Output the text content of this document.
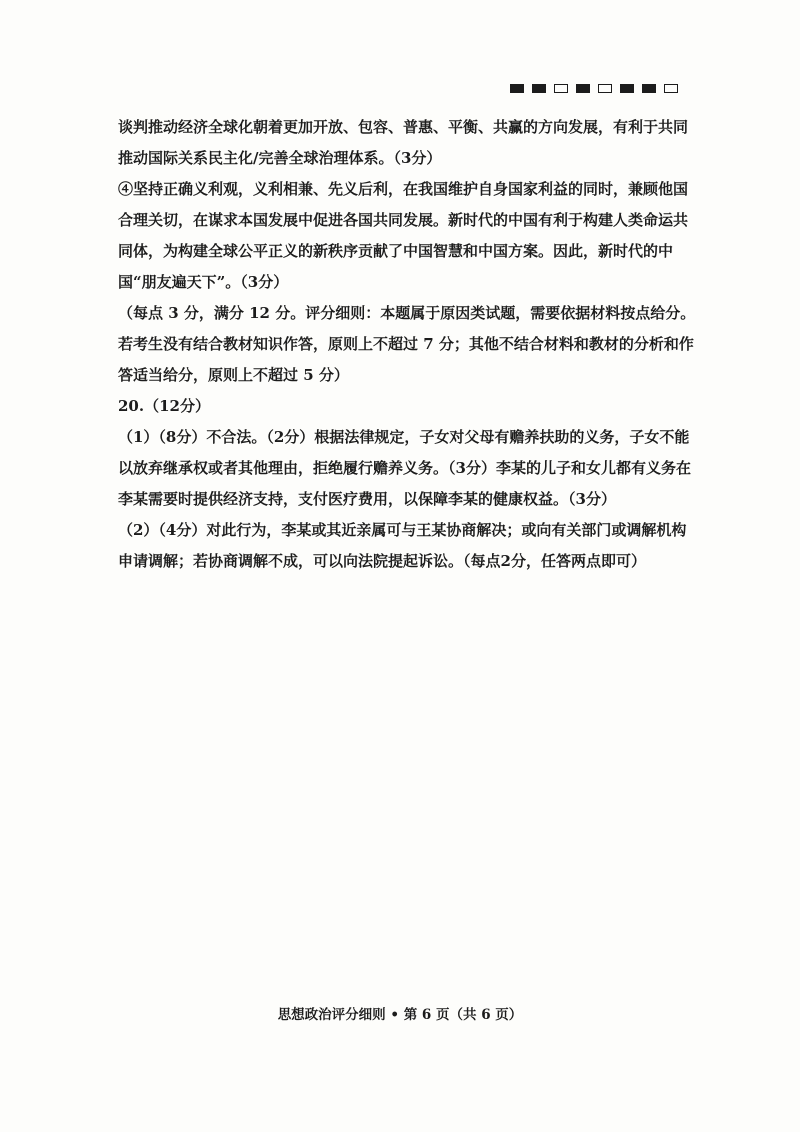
谈判推动经济全球化朝着更加开放、包容、普惠、平衡、共赢的方向发展，有利于共同推动国际关系民主化/完善全球治理体系。（3分）

④坚持正确义利观，义利相兼、先义后利，在我国维护自身国家利益的同时，兼顾他国合理关切，在谋求本国发展中促进各国共同发展。新时代的中国有利于构建人类命运共同体，为构建全球公平正义的新秩序贡献了中国智慧和中国方案。因此，新时代的中国“朋友遍天下”。（3分）

（每点 3 分，满分 12 分。评分细则：本题属于原因类试题，需要依据材料按点给分。若考生没有结合教材知识作答，原则上不超过 7 分；其他不结合材料和教材的分析和作答适当给分，原则上不超过 5 分）

20.（12分）

（1）（8分）不合法。（2分）根据法律规定，子女对父母有赡养扶助的义务，子女不能以放弃继承权或者其他理由，拒绝履行赡养义务。（3分）李某的儿子和女儿都有义务在李某需要时提供经济支持，支付医疗费用，以保障李某的健康权益。（3分）

（2）（4分）对此行为，李某或其近亲属可与王某协商解决；或向有关部门或调解机构申请调解；若协商调解不成，可以向法院提起诉讼。（每点2分，任答两点即可）

思想政治评分细则 • 第 6 页（共 6 页）
